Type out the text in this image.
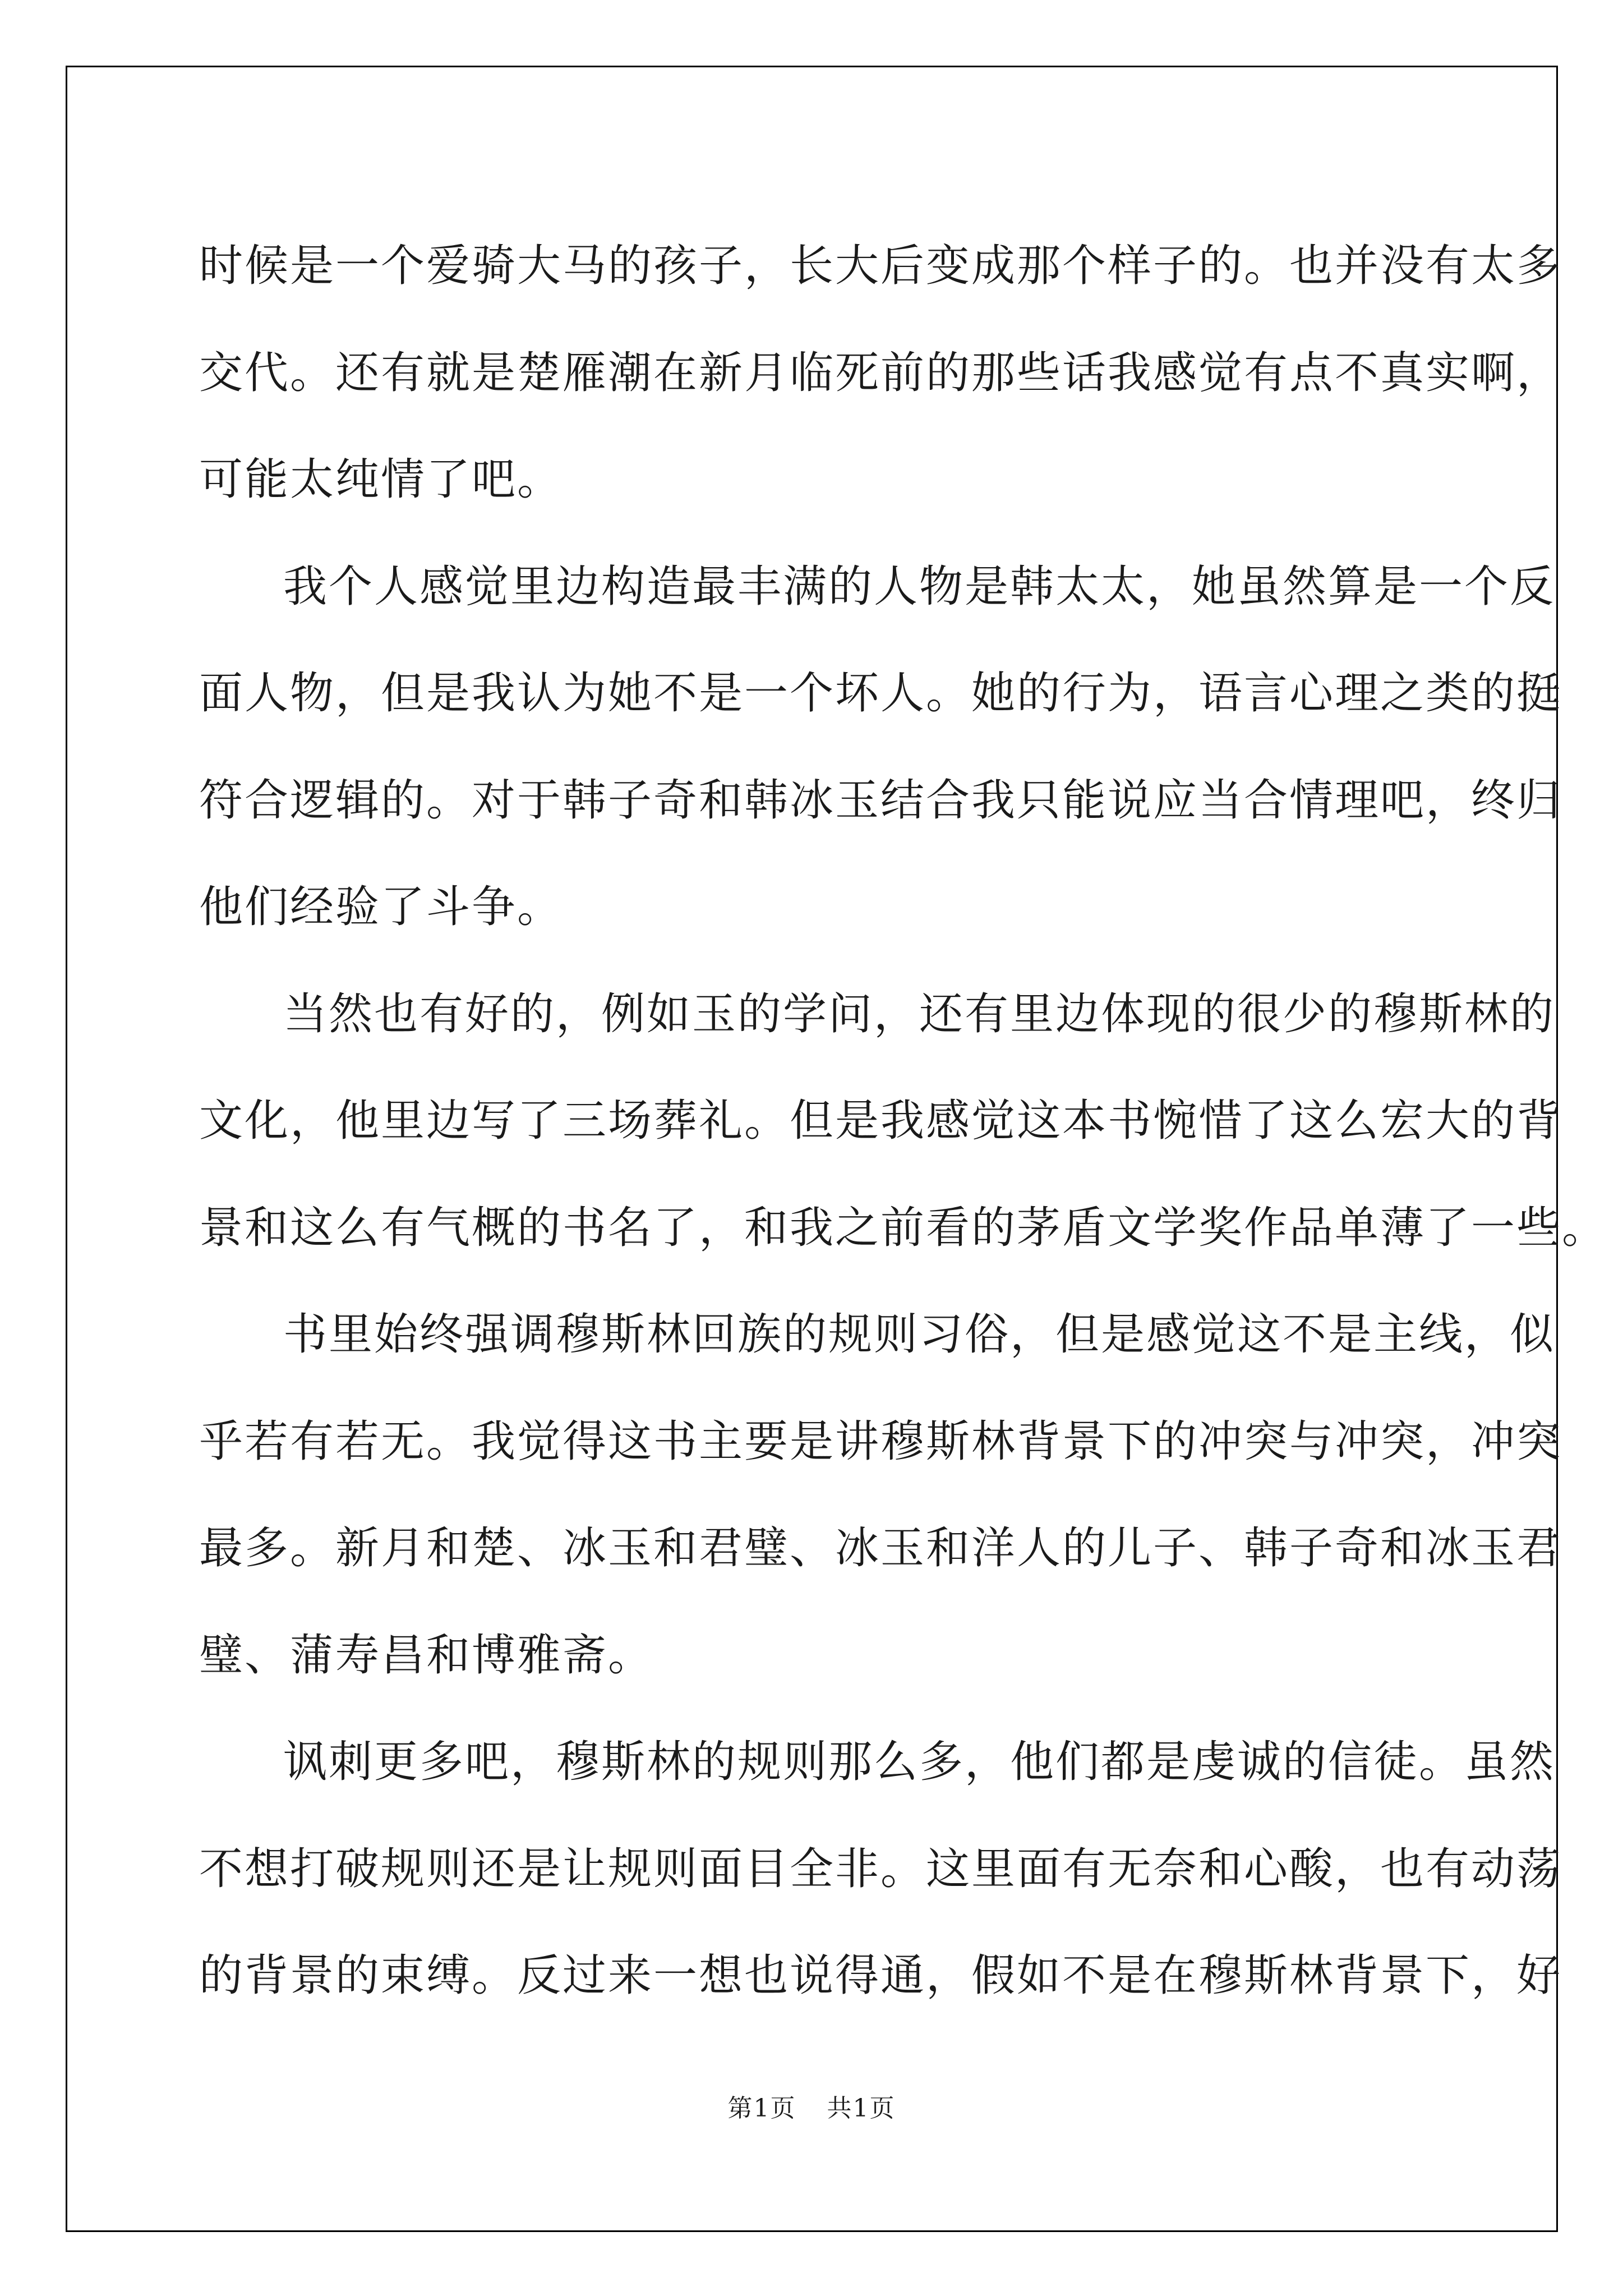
时候是一个爱骑大马的孩子，长大后变成那个样子的。也并没有太多
交代。还有就是楚雁潮在新月临死前的那些话我感觉有点不真实啊，
可能太纯情了吧。
我个人感觉里边构造最丰满的人物是韩太太，她虽然算是一个反
面人物，但是我认为她不是一个坏人。她的行为，语言心理之类的挺
符合逻辑的。对于韩子奇和韩冰玉结合我只能说应当合情理吧，终归
他们经验了斗争。
当然也有好的，例如玉的学问，还有里边体现的很少的穆斯林的
文化，他里边写了三场葬礼。但是我感觉这本书惋惜了这么宏大的背
景和这么有气概的书名了，和我之前看的茅盾文学奖作品单薄了一些。
书里始终强调穆斯林回族的规则习俗，但是感觉这不是主线，似
乎若有若无。我觉得这书主要是讲穆斯林背景下的冲突与冲突，冲突
最多。新月和楚、冰玉和君璧、冰玉和洋人的儿子、韩子奇和冰玉君
璧、蒲寿昌和博雅斋。
讽刺更多吧，穆斯林的规则那么多，他们都是虔诚的信徒。虽然
不想打破规则还是让规则面目全非。这里面有无奈和心酸，也有动荡
的背景的束缚。反过来一想也说得通，假如不是在穆斯林背景下，好
第1页 共1页
